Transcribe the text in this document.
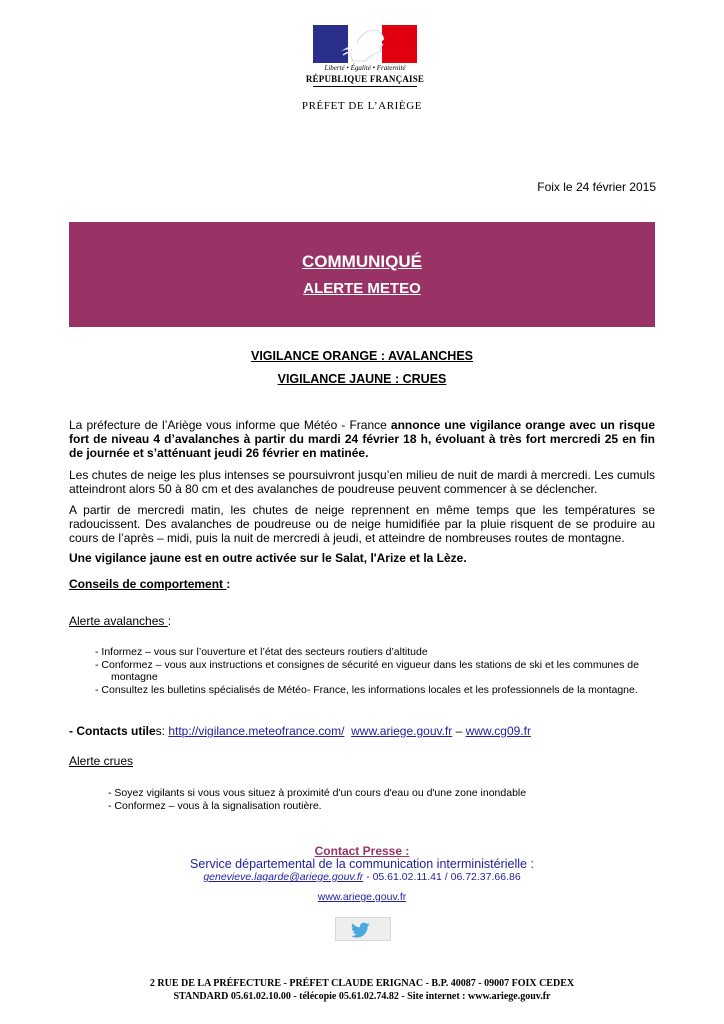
Liberté • Égalité • Fraternité
RÉPUBLIQUE FRANÇAISE
PRÉFET DE L’ARIÈGE
Foix le 24 février 2015
COMMUNIQUÉ
ALERTE METEO
VIGILANCE ORANGE : AVALANCHES
VIGILANCE JAUNE : CRUES
La préfecture de l’Ariège vous informe que Météo - France annonce une vigilance orange avec un risque fort de niveau 4 d’avalanches à partir du mardi 24 février 18 h, évoluant à très fort mercredi 25 en fin de journée et s’atténuant jeudi 26 février en matinée.
Les chutes de neige les plus intenses se poursuivront jusqu’en milieu de nuit de mardi à mercredi. Les cumuls atteindront alors 50 à 80 cm et des avalanches de poudreuse peuvent commencer à se déclencher.
A partir de mercredi matin, les chutes de neige reprennent en même temps que les températures se radoucissent. Des avalanches de poudreuse ou de neige humidifiée par la pluie risquent de se produire au cours de l’après – midi, puis la nuit de mercredi à jeudi, et atteindre de nombreuses routes de montagne.
Une vigilance jaune est en outre activée sur le Salat, l'Arize et la Lèze.
Conseils de comportement :
Alerte avalanches :
- Informez – vous sur l’ouverture et l’état des secteurs routiers d’altitude
- Conformez – vous aux instructions et consignes de sécurité en vigueur dans les stations de ski et les communes de montagne
- Consultez les bulletins spécialisés de Météo- France, les informations locales et les professionnels de la montagne.
- Contacts utiles: http://vigilance.meteofrance.com/ www.ariege.gouv.fr – www.cg09.fr
Alerte crues
- Soyez vigilants si vous vous situez à proximité d'un cours d'eau ou d'une zone inondable
- Conformez – vous à la signalisation routière.
Contact Presse :
Service départemental de la communication interministérielle :
genevieve.lagarde@ariege.gouv.fr - 05.61.02.11.41 / 06.72.37.66.86
www.ariege.gouv.fr
2 RUE DE LA PRÉFECTURE - PRÉFET CLAUDE ERIGNAC - B.P. 40087 - 09007 FOIX CEDEX
STANDARD 05.61.02.10.00 - télécopie 05.61.02.74.82 - Site internet : www.ariege.gouv.fr
